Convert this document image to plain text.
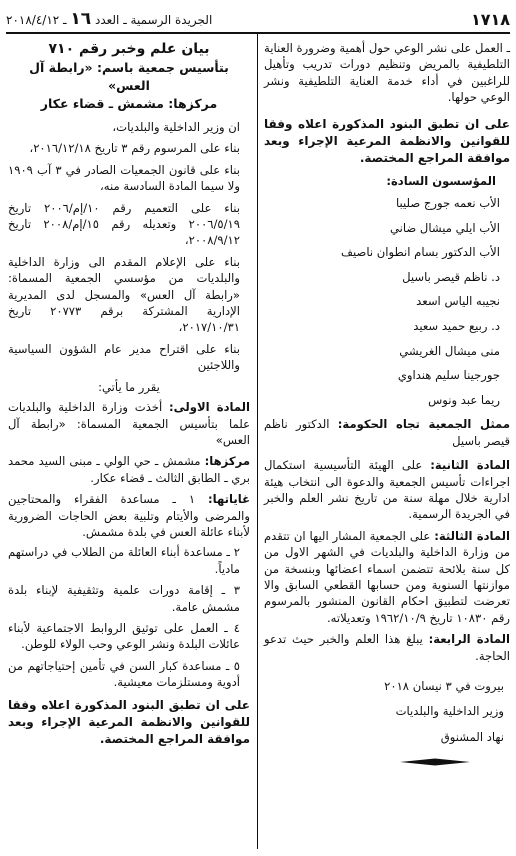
١٧١٨
الجريدة الرسمية ـ العدد ١٦ ـ ٢٠١٨/٤/١٢

ـ العمل على نشر الوعي حول أهمية وضرورة العناية التلطيفية بالمريض وتنظيم دورات تدريب وتأهيل للراغبين في أداء خدمة العناية التلطيفية ونشر الوعي حولها.

على ان تطبق البنود المذكورة اعلاه وفقا للقوانين والانظمة المرعية الإجراء وبعد موافقة المراجع المختصة.

المؤسسون السادة:
الأب نعمه جورج صليبا
الأب ايلي ميشال ضاني
الأب الدكتور بسام انطوان ناصيف
د. ناظم قيصر باسيل
نجيبه الياس اسعد
د. ربيع حميد سعيد
منى ميشال الغريشي
جورجينا سليم هنداوي
ريما عبد ونوس

ممثل الجمعية تجاه الحكومة: الدكتور ناظم قيصر باسيل

المادة الثانية: على الهيئة التأسيسية استكمال اجراءات تأسيس الجمعية والدعوة الى انتخاب هيئة ادارية خلال مهلة سنة من تاريخ نشر العلم والخبر في الجريدة الرسمية.

المادة الثالثة: على الجمعية المشار اليها ان تتقدم من وزارة الداخلية والبلديات في الشهر الاول من كل سنة بلائحة تتضمن اسماء اعضائها وبنسخة من موازنتها السنوية ومن حسابها القطعي السابق والا تعرضت لتطبيق احكام القانون المنشور بالمرسوم رقم ١٠٨٣٠ تاريخ ١٩٦٢/١٠/٩ وتعديلاته.

المادة الرابعة: يبلغ هذا العلم والخبر حيث تدعو الحاجة.

بيروت في ٣ نيسان ٢٠١٨
وزير الداخلية والبلديات
نهاد المشنوق
بيان علم وخبر رقم ٧١٠
بتأسيس جمعية باسم: «رابطة آل العس»
مركزها: مشمش ـ قضاء عكار

ان وزير الداخلية والبلديات،

بناء على المرسوم رقم ٣ تاريخ ٢٠١٦/١٢/١٨،

بناء على قانون الجمعيات الصادر في ٣ آب ١٩٠٩ ولا سيما المادة السادسة منه،

بناء على التعميم رقم ١٠/إم/٢٠٠٦ تاريخ ٢٠٠٦/٥/١٩ وتعديله رقم ١٥/إم/٢٠٠٨ تاريخ ٢٠٠٨/٩/١٢،

بناء على الإعلام المقدم الى وزارة الداخلية والبلديات من مؤسسي الجمعية المسماة: «رابطة آل العس» والمسجل لدى المديرية الإدارية المشتركة برقم ٢٠٧٧٣ تاريخ ٢٠١٧/١٠/٣١،

بناء على اقتراح مدير عام الشؤون السياسية واللاجئين

يقرر ما يأتي:

المادة الاولى: أخذت وزارة الداخلية والبلديات علما بتأسيس الجمعية المسماة: «رابطة آل العس»

مركزها: مشمش ـ حي الولي ـ مبنى السيد محمد بري ـ الطابق الثالث ـ قضاء عكار.

غاياتها: ١ ـ مساعدة الفقراء والمحتاجين والمرضى والأيتام وتلبية بعض الحاجات الضرورية لأبناء عائلة العس في بلدة مشمش.

٢ ـ مساعدة أبناء العائلة من الطلاب في دراستهم مادياً.

٣ ـ إقامة دورات علمية وتثقيفية لإبناء بلدة مشمش عامة.

٤ ـ العمل على توثيق الروابط الاجتماعية لأبناء عائلات البلدة ونشر الوعي وحب الولاء للوطن.

٥ ـ مساعدة كبار السن في تأمين إحتياجاتهم من أدوية ومستلزمات معيشية.

على ان تطبق البنود المذكورة اعلاه وفقا للقوانين والانظمة المرعية الإجراء وبعد موافقة المراجع المختصة.
